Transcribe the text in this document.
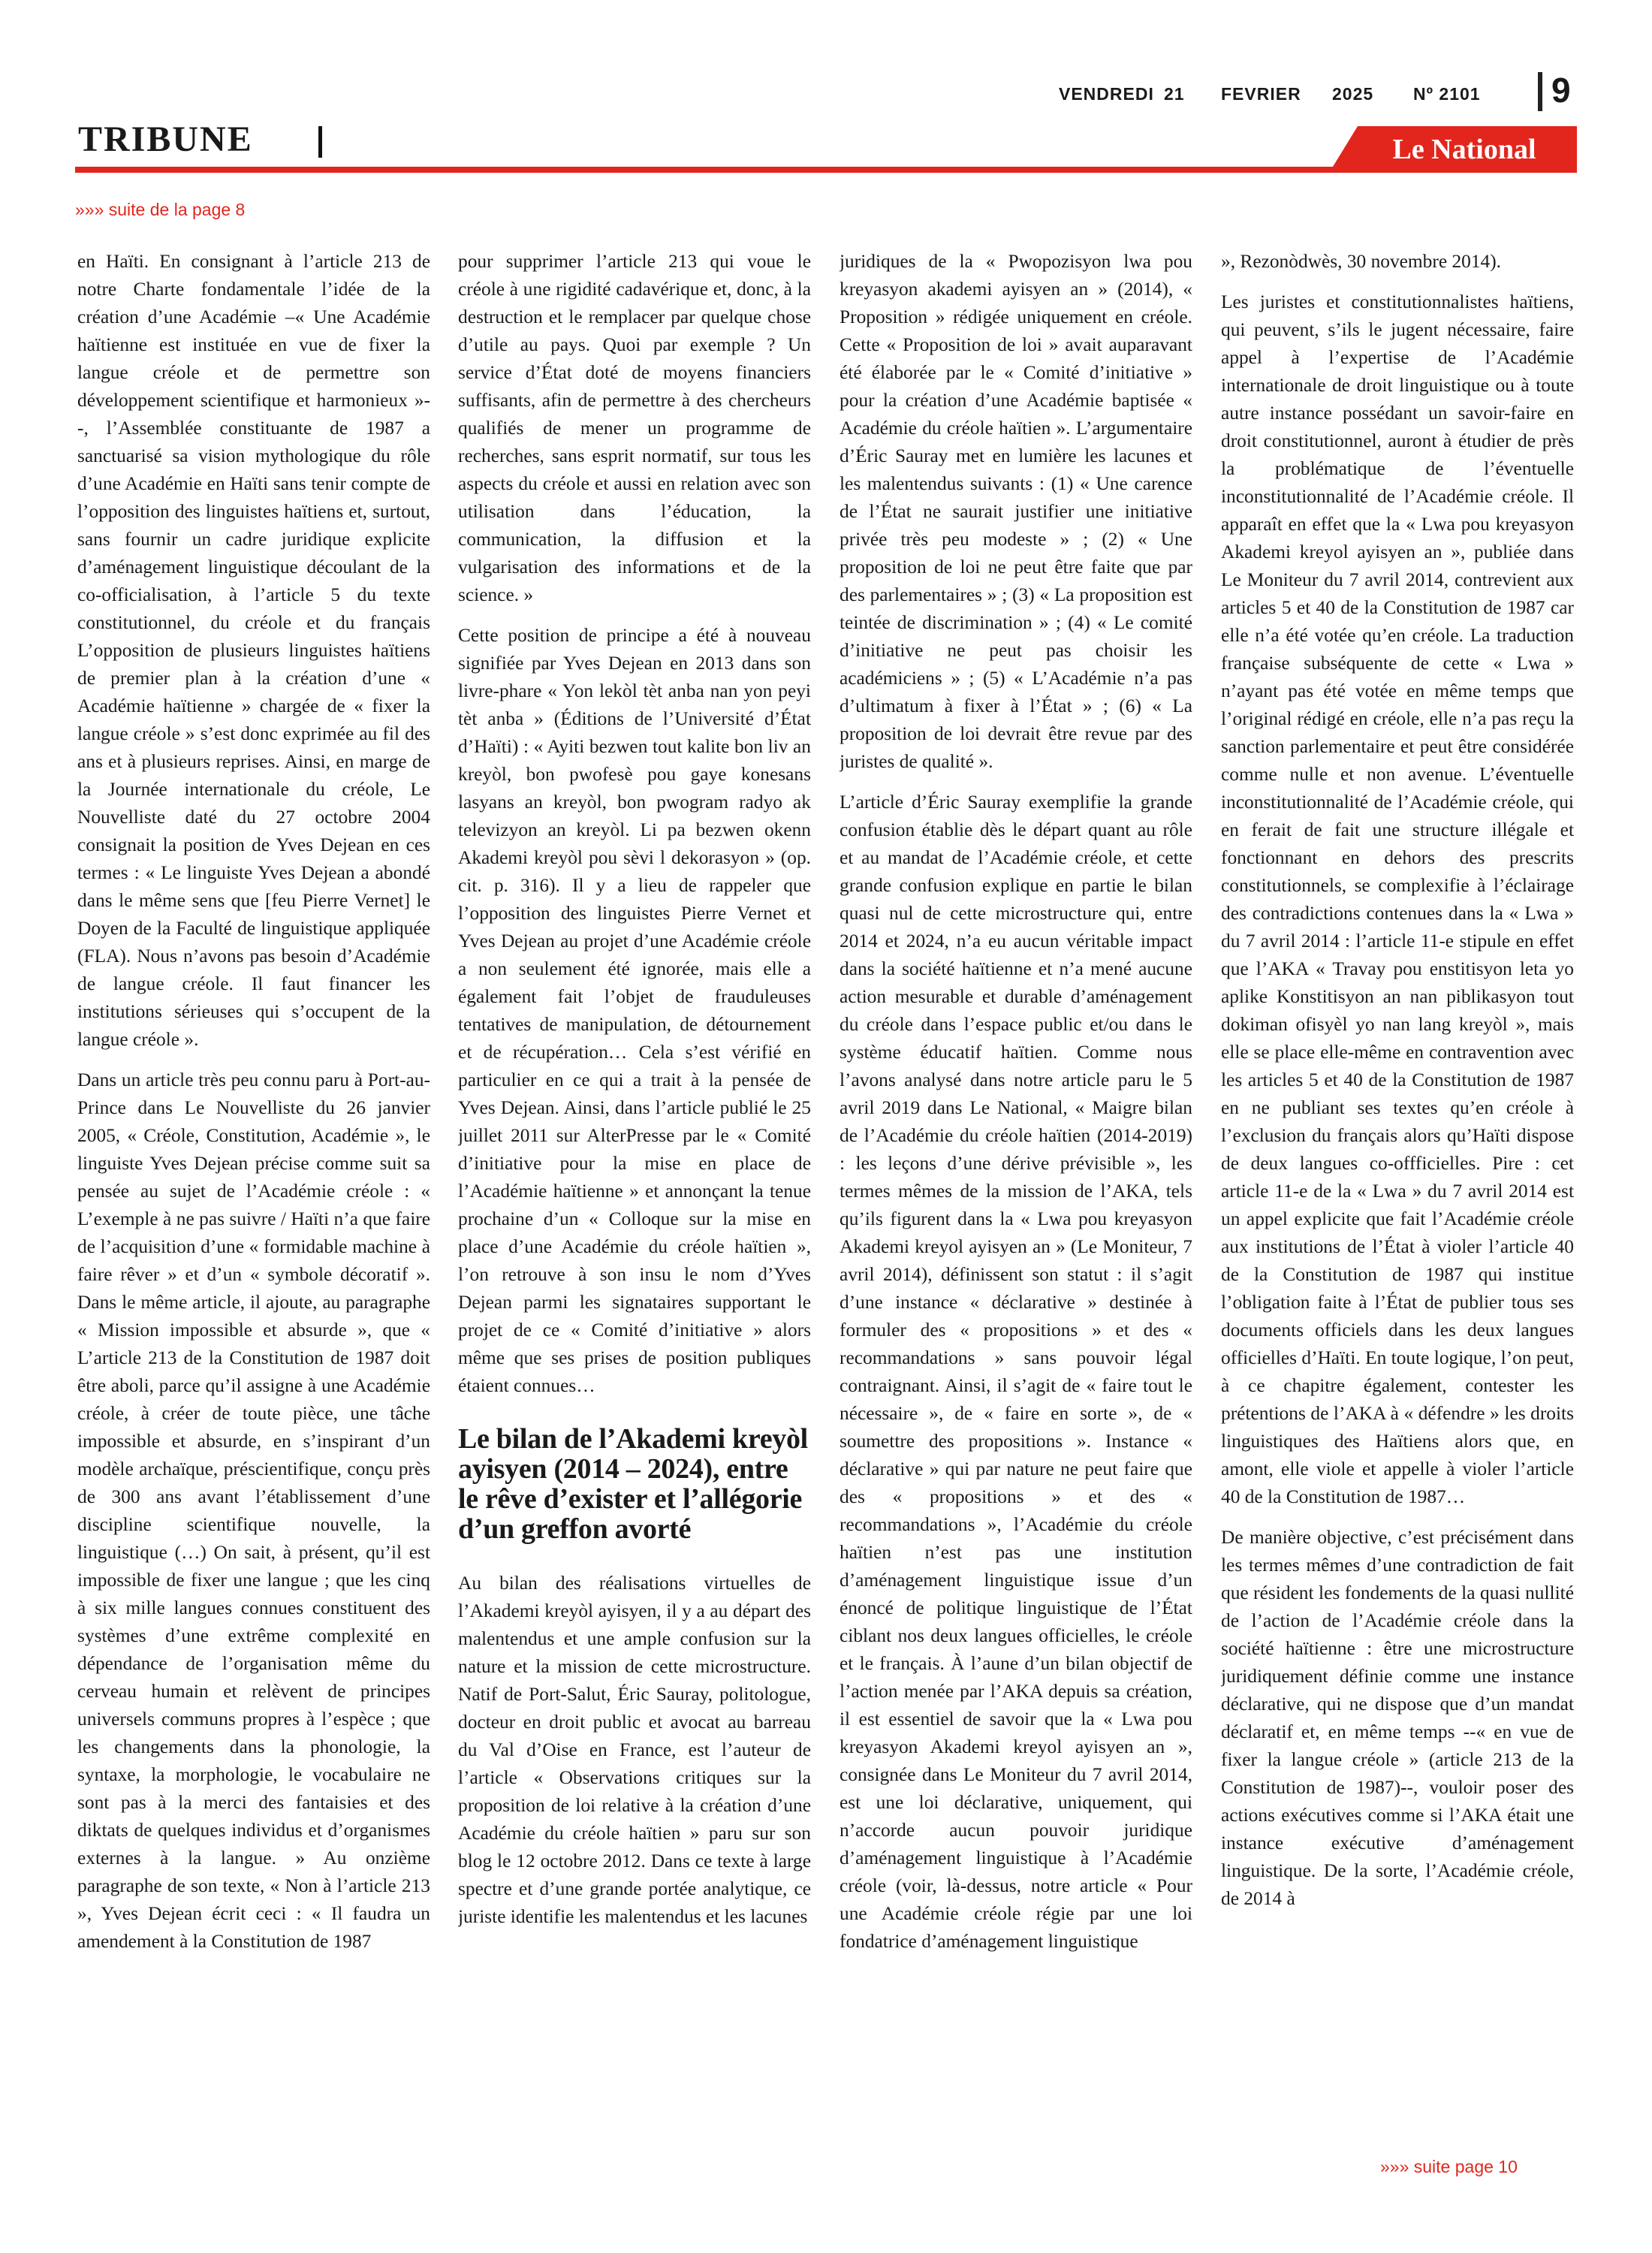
VENDREDI 21 FEVRIER 2025 Nº 2101 9
TRIBUNE	Le National
»»» suite de la page 8

en Haïti. En consignant à l’article 213 de notre Charte fondamentale l’idée de la création d’une Académie –« Une Académie haïtienne est instituée en vue de fixer la langue créole et de permettre son développement scientifique et harmonieux »--, l’Assemblée constituante de 1987 a sanctuarisé sa vision mythologique du rôle d’une Académie en Haïti sans tenir compte de l’opposition des linguistes haïtiens et, surtout, sans fournir un cadre juridique explicite d’aménagement linguistique découlant de la co-officialisation, à l’article 5 du texte constitutionnel, du créole et du français L’opposition de plusieurs linguistes haïtiens de premier plan à la création d’une « Académie haïtienne » chargée de « fixer la langue créole » s’est donc exprimée au fil des ans et à plusieurs reprises. Ainsi, en marge de la Journée internationale du créole, Le Nouvelliste daté du 27 octobre 2004 consignait la position de Yves Dejean en ces termes : « Le linguiste Yves Dejean a abondé dans le même sens que [feu Pierre Vernet] le Doyen de la Faculté de linguistique appliquée (FLA). Nous n’avons pas besoin d’Académie de langue créole. Il faut financer les institutions sérieuses qui s’occupent de la langue créole ».

Dans un article très peu connu paru à Port-au-Prince dans Le Nouvelliste du 26 janvier 2005, « Créole, Constitution, Académie », le linguiste Yves Dejean précise comme suit sa pensée au sujet de l’Académie créole : « L’exemple à ne pas suivre / Haïti n’a que faire de l’acquisition d’une « formidable machine à faire rêver » et d’un « symbole décoratif ». Dans le même article, il ajoute, au paragraphe « Mission impossible et absurde », que « L’article 213 de la Constitution de 1987 doit être aboli, parce qu’il assigne à une Académie créole, à créer de toute pièce, une tâche impossible et absurde, en s’inspirant d’un modèle archaïque, préscientifique, conçu près de 300 ans avant l’établissement d’une discipline scientifique nouvelle, la linguistique (…) On sait, à présent, qu’il est impossible de fixer une langue ; que les cinq à six mille langues connues constituent des systèmes d’une extrême complexité en dépendance de l’organisation même du cerveau humain et relèvent de principes universels communs propres à l’espèce ; que les changements dans la phonologie, la syntaxe, la morphologie, le vocabulaire ne sont pas à la merci des fantaisies et des diktats de quelques individus et d’organismes externes à la langue. » Au onzième paragraphe de son texte, « Non à l’article 213 », Yves Dejean écrit ceci : « Il faudra un amendement à la Constitution de 1987

pour supprimer l’article 213 qui voue le créole à une rigidité cadavérique et, donc, à la destruction et le remplacer par quelque chose d’utile au pays. Quoi par exemple ? Un service d’État doté de moyens financiers suffisants, afin de permettre à des chercheurs qualifiés de mener un programme de recherches, sans esprit normatif, sur tous les aspects du créole et aussi en relation avec son utilisation dans l’éducation, la communication, la diffusion et la vulgarisation des informations et de la science. »

Cette position de principe a été à nouveau signifiée par Yves Dejean en 2013 dans son livre-phare « Yon lekòl tèt anba nan yon peyi tèt anba » (Éditions de l’Université d’État d’Haïti) : « Ayiti bezwen tout kalite bon liv an kreyòl, bon pwofesè pou gaye konesans lasyans an kreyòl, bon pwogram radyo ak televizyon an kreyòl. Li pa bezwen okenn Akademi kreyòl pou sèvi l dekorasyon » (op. cit. p. 316). Il y a lieu de rappeler que l’opposition des linguistes Pierre Vernet et Yves Dejean au projet d’une Académie créole a non seulement été ignorée, mais elle a également fait l’objet de frauduleuses tentatives de manipulation, de détournement et de récupération… Cela s’est vérifié en particulier en ce qui a trait à la pensée de Yves Dejean. Ainsi, dans l’article publié le 25 juillet 2011 sur AlterPresse par le « Comité d’initiative pour la mise en place de l’Académie haïtienne » et annonçant la tenue prochaine d’un « Colloque sur la mise en place d’une Académie du créole haïtien », l’on retrouve à son insu le nom d’Yves Dejean parmi les signataires supportant le projet de ce « Comité d’initiative » alors même que ses prises de position publiques étaient connues…

Le bilan de l’Akademi kreyòl ayisyen (2014 – 2024), entre le rêve d’exister et l’allégorie d’un greffon avorté

Au bilan des réalisations virtuelles de l’Akademi kreyòl ayisyen, il y a au départ des malentendus et une ample confusion sur la nature et la mission de cette microstructure. Natif de Port-Salut, Éric Sauray, politologue, docteur en droit public et avocat au barreau du Val d’Oise en France, est l’auteur de l’article « Observations critiques sur la proposition de loi relative à la création d’une Académie du créole haïtien » paru sur son blog le 12 octobre 2012. Dans ce texte à large spectre et d’une grande portée analytique, ce juriste identifie les malentendus et les lacunes

juridiques de la « Pwopozisyon lwa pou kreyasyon akademi ayisyen an » (2014), « Proposition » rédigée uniquement en créole. Cette « Proposition de loi » avait auparavant été élaborée par le « Comité d’initiative » pour la création d’une Académie baptisée « Académie du créole haïtien ». L’argumentaire d’Éric Sauray met en lumière les lacunes et les malentendus suivants : (1) « Une carence de l’État ne saurait justifier une initiative privée très peu modeste » ; (2) « Une proposition de loi ne peut être faite que par des parlementaires » ; (3) « La proposition est teintée de discrimination » ; (4) « Le comité d’initiative ne peut pas choisir les académiciens » ; (5) « L’Académie n’a pas d’ultimatum à fixer à l’État » ; (6) « La proposition de loi devrait être revue par des juristes de qualité ».

L’article d’Éric Sauray exemplifie la grande confusion établie dès le départ quant au rôle et au mandat de l’Académie créole, et cette grande confusion explique en partie le bilan quasi nul de cette microstructure qui, entre 2014 et 2024, n’a eu aucun véritable impact dans la société haïtienne et n’a mené aucune action mesurable et durable d’aménagement du créole dans l’espace public et/ou dans le système éducatif haïtien. Comme nous l’avons analysé dans notre article paru le 5 avril 2019 dans Le National, « Maigre bilan de l’Académie du créole haïtien (2014-2019) : les leçons d’une dérive prévisible », les termes mêmes de la mission de l’AKA, tels qu’ils figurent dans la « Lwa pou kreyasyon Akademi kreyol ayisyen an » (Le Moniteur, 7 avril 2014), définissent son statut : il s’agit d’une instance « déclarative » destinée à formuler des « propositions » et des « recommandations » sans pouvoir légal contraignant. Ainsi, il s’agit de « faire tout le nécessaire », de « faire en sorte », de « soumettre des propositions ». Instance « déclarative » qui par nature ne peut faire que des « propositions » et des « recommandations », l’Académie du créole haïtien n’est pas une institution d’aménagement linguistique issue d’un énoncé de politique linguistique de l’État ciblant nos deux langues officielles, le créole et le français. À l’aune d’un bilan objectif de l’action menée par l’AKA depuis sa création, il est essentiel de savoir que la « Lwa pou kreyasyon Akademi kreyol ayisyen an », consignée dans Le Moniteur du 7 avril 2014, est une loi déclarative, uniquement, qui n’accorde aucun pouvoir juridique d’aménagement linguistique à l’Académie créole (voir, là-dessus, notre article « Pour une Académie créole régie par une loi fondatrice d’aménagement linguistique

», Rezonòdwès, 30 novembre 2014).

Les juristes et constitutionnalistes haïtiens, qui peuvent, s’ils le jugent nécessaire, faire appel à l’expertise de l’Académie internationale de droit linguistique ou à toute autre instance possédant un savoir-faire en droit constitutionnel, auront à étudier de près la problématique de l’éventuelle inconstitutionnalité de l’Académie créole. Il apparaît en effet que la « Lwa pou kreyasyon Akademi kreyol ayisyen an », publiée dans Le Moniteur du 7 avril 2014, contrevient aux articles 5 et 40 de la Constitution de 1987 car elle n’a été votée qu’en créole. La traduction française subséquente de cette « Lwa » n’ayant pas été votée en même temps que l’original rédigé en créole, elle n’a pas reçu la sanction parlementaire et peut être considérée comme nulle et non avenue. L’éventuelle inconstitutionnalité de l’Académie créole, qui en ferait de fait une structure illégale et fonctionnant en dehors des prescrits constitutionnels, se complexifie à l’éclairage des contradictions contenues dans la « Lwa » du 7 avril 2014 : l’article 11-e stipule en effet que l’AKA « Travay pou enstitisyon leta yo aplike Konstitisyon an nan piblikasyon tout dokiman ofisyèl yo nan lang kreyòl », mais elle se place elle-même en contravention avec les articles 5 et 40 de la Constitution de 1987 en ne publiant ses textes qu’en créole à l’exclusion du français alors qu’Haïti dispose de deux langues co-offficielles. Pire : cet article 11-e de la « Lwa » du 7 avril 2014 est un appel explicite que fait l’Académie créole aux institutions de l’État à violer l’article 40 de la Constitution de 1987 qui institue l’obligation faite à l’État de publier tous ses documents officiels dans les deux langues officielles d’Haïti. En toute logique, l’on peut, à ce chapitre également, contester les prétentions de l’AKA à « défendre » les droits linguistiques des Haïtiens alors que, en amont, elle viole et appelle à violer l’article 40 de la Constitution de 1987…

De manière objective, c’est précisément dans les termes mêmes d’une contradiction de fait que résident les fondements de la quasi nullité de l’action de l’Académie créole dans la société haïtienne : être une microstructure juridiquement définie comme une instance déclarative, qui ne dispose que d’un mandat déclaratif et, en même temps --« en vue de fixer la langue créole » (article 213 de la Constitution de 1987)--, vouloir poser des actions exécutives comme si l’AKA était une instance exécutive d’aménagement linguistique. De la sorte, l’Académie créole, de 2014 à

»»» suite page 10
